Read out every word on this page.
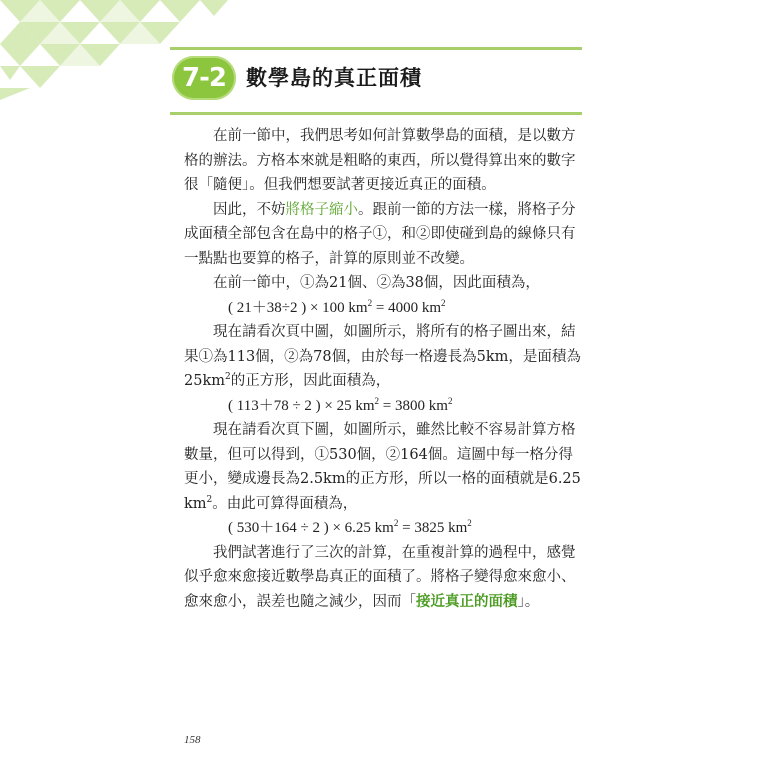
7-2 數學島的真正面積

在前一節中，我們思考如何計算數學島的面積，是以數方格的辦法。方格本來就是粗略的東西，所以覺得算出來的數字很「隨便」。但我們想要試著更接近真正的面積。

因此，不妨將格子縮小。跟前一節的方法一樣，將格子分成面積全部包含在島中的格子①，和②即使碰到島的線條只有一點點也要算的格子，計算的原則並不改變。

在前一節中，①為21個、②為38個，因此面積為，

( 21＋38÷2 ) × 100 $km^2 = 4000$ $km^2$

現在請看次頁中圖，如圖所示，將所有的格子圖出來，結果①為113個，②為78個，由於每一格邊長為5km，是面積為$25km^2$的正方形，因此面積為，

( 113＋78 ÷ 2 ) × 25 $km^2 = 3800$ $km^2$

現在請看次頁下圖，如圖所示，雖然比較不容易計算方格數量，但可以得到，①530個，②164個。這圖中每一格分得更小，變成邊長為2.5km的正方形，所以一格的面積就是6.25 $km^2$。由此可算得面積為，

( 530＋164 ÷ 2 ) × 6.25 $km^2 = 3825$ $km^2$

我們試著進行了三次的計算，在重複計算的過程中，感覺似乎愈來愈接近數學島真正的面積了。將格子變得愈來愈小、愈來愈小，誤差也隨之減少，因而「接近真正的面積」。

158
